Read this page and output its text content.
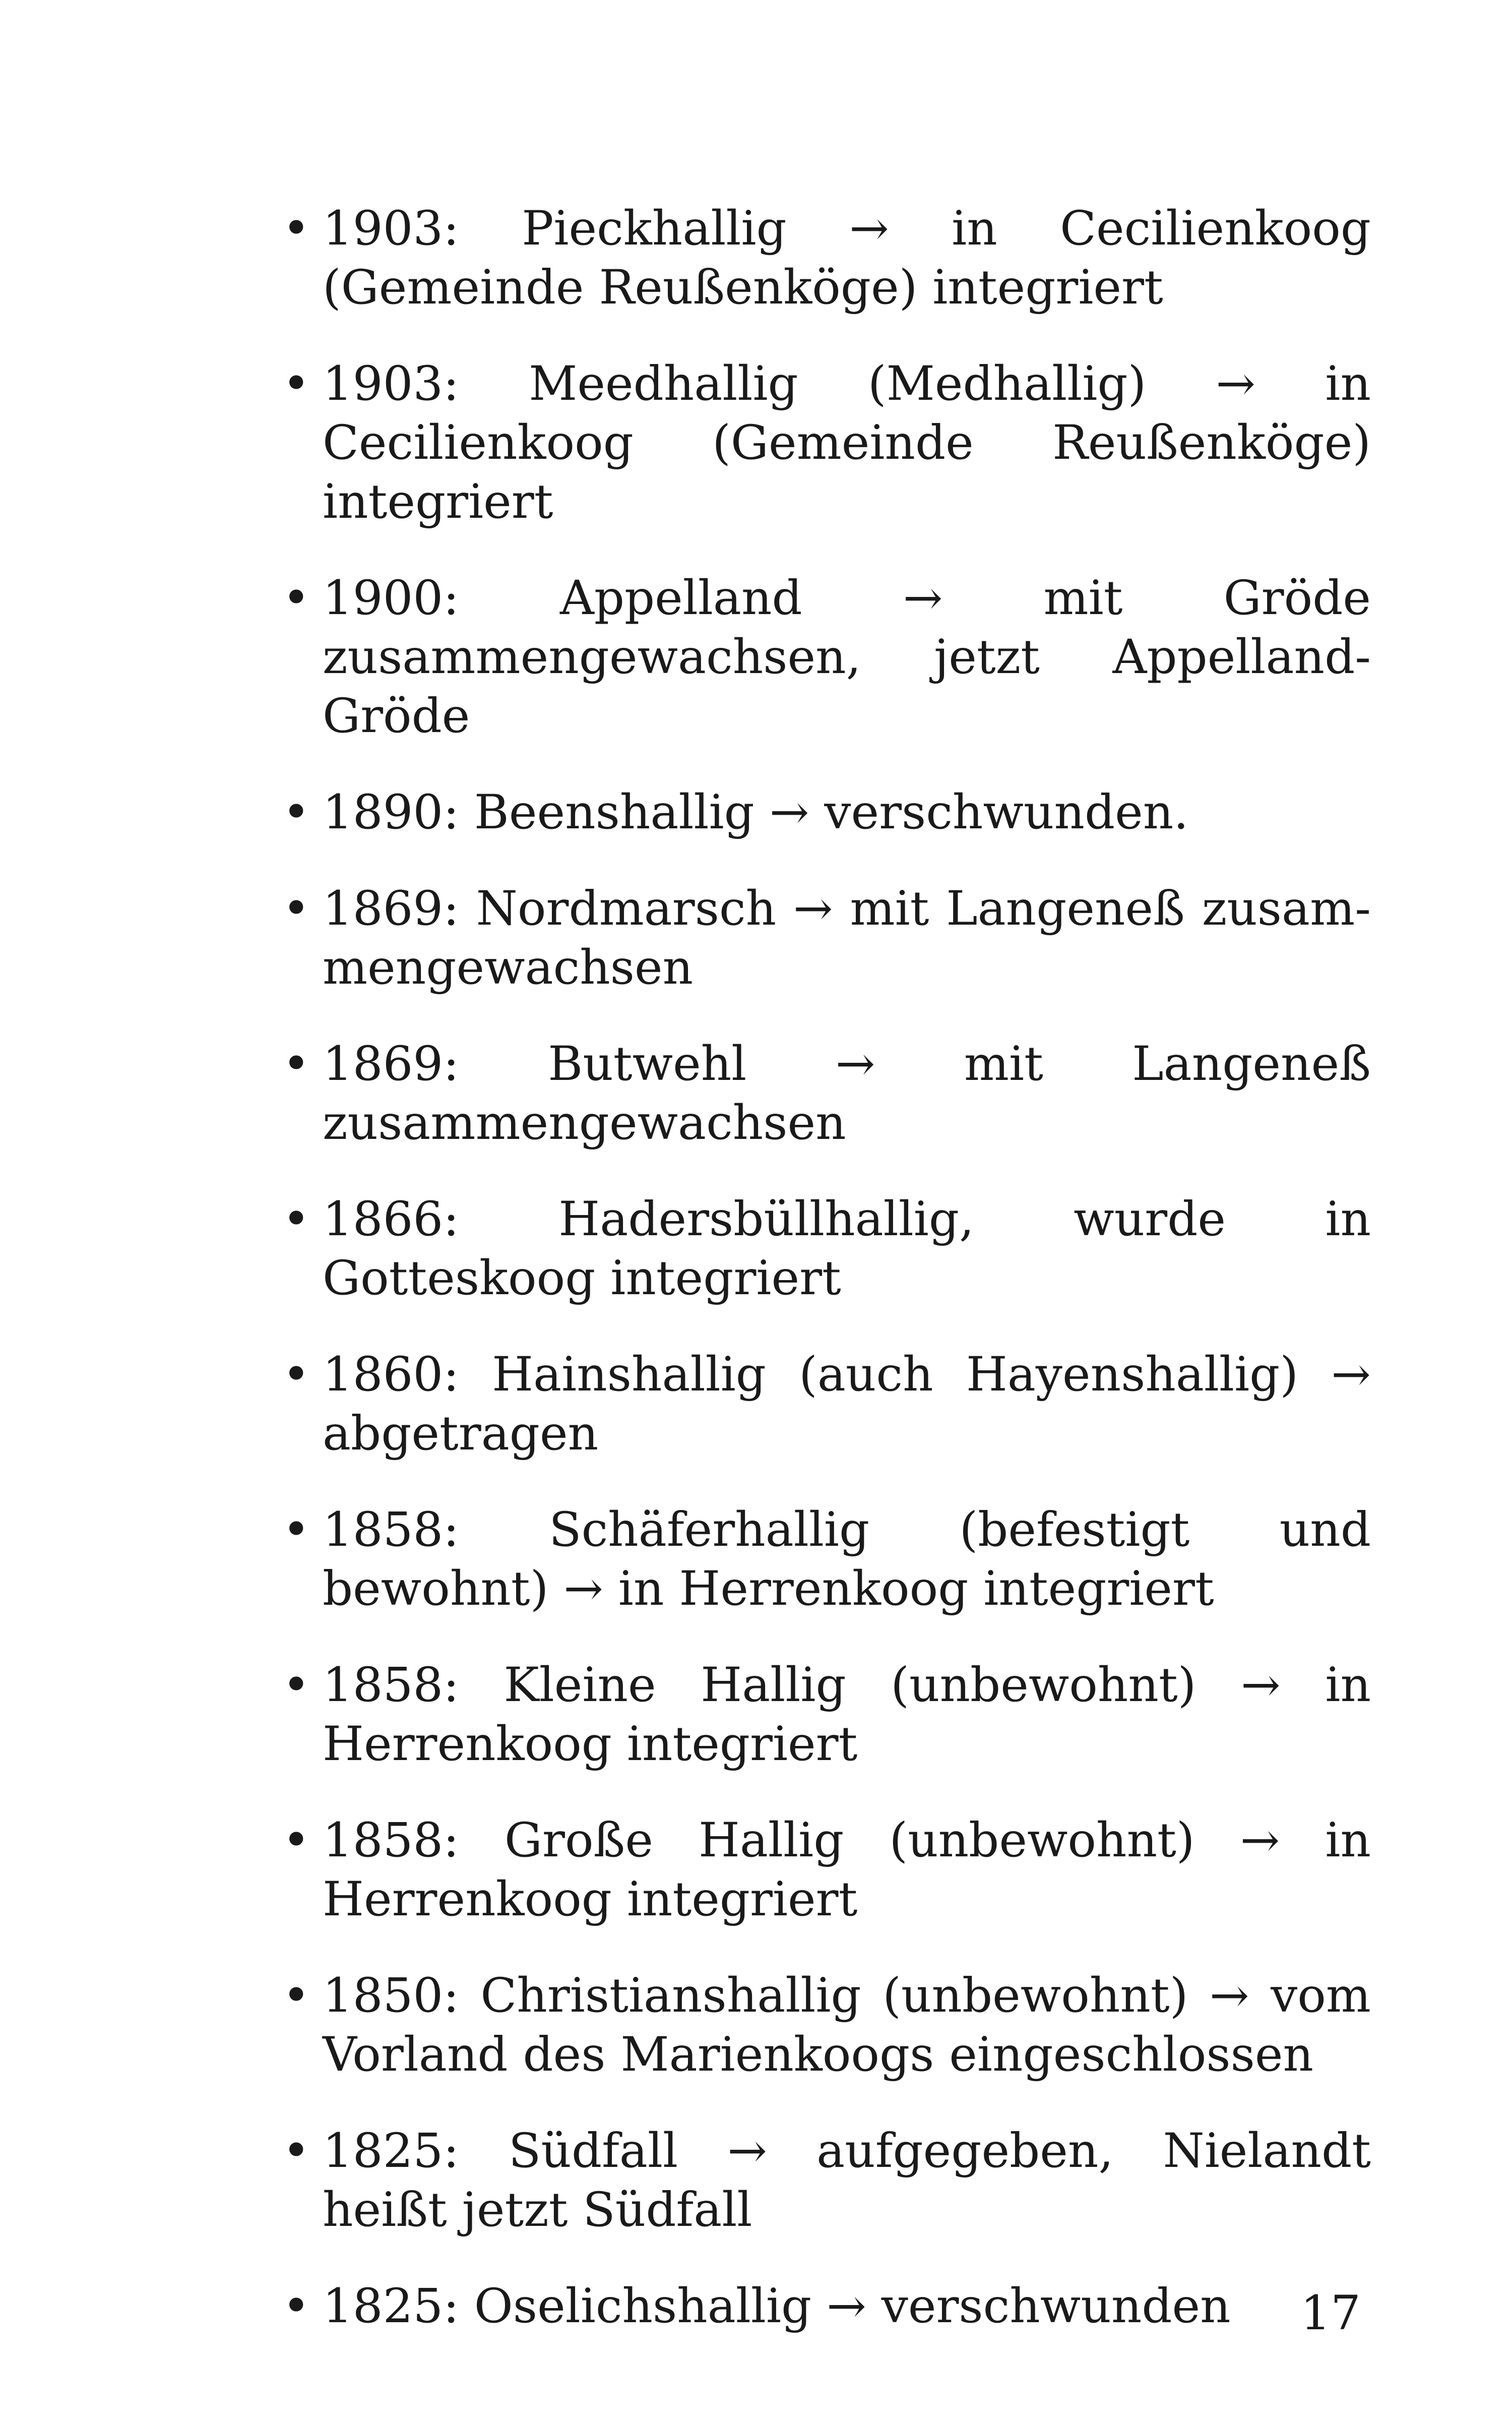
• 1903: Pieckhallig → in Cecilienkoog (Gemeinde Reußenköge) integriert
• 1903: Meedhallig (Medhallig) → in Cecilienkoog (Gemeinde Reußenköge) integriert
• 1900: Appelland → mit Gröde zusammengewachsen, jetzt Appelland-Gröde
• 1890: Beenshallig → verschwunden.
• 1869: Nordmarsch → mit Langeneß zusammengewachsen
• 1869: Butwehl → mit Langeneß zusammengewachsen
• 1866: Hadersbüllhallig, wurde in Gotteskoog integriert
• 1860: Hainshallig (auch Hayenshallig) → abgetragen
• 1858: Schäferhallig (befestigt und bewohnt) → in Herrenkoog integriert
• 1858: Kleine Hallig (unbewohnt) → in Herrenkoog integriert
• 1858: Große Hallig (unbewohnt) → in Herrenkoog integriert
• 1850: Christianshallig (unbewohnt) → vom Vorland des Marienkoogs eingeschlossen
• 1825: Südfall → aufgegeben, Nielandt heißt jetzt Südfall
• 1825: Oselichshallig → verschwunden	17
